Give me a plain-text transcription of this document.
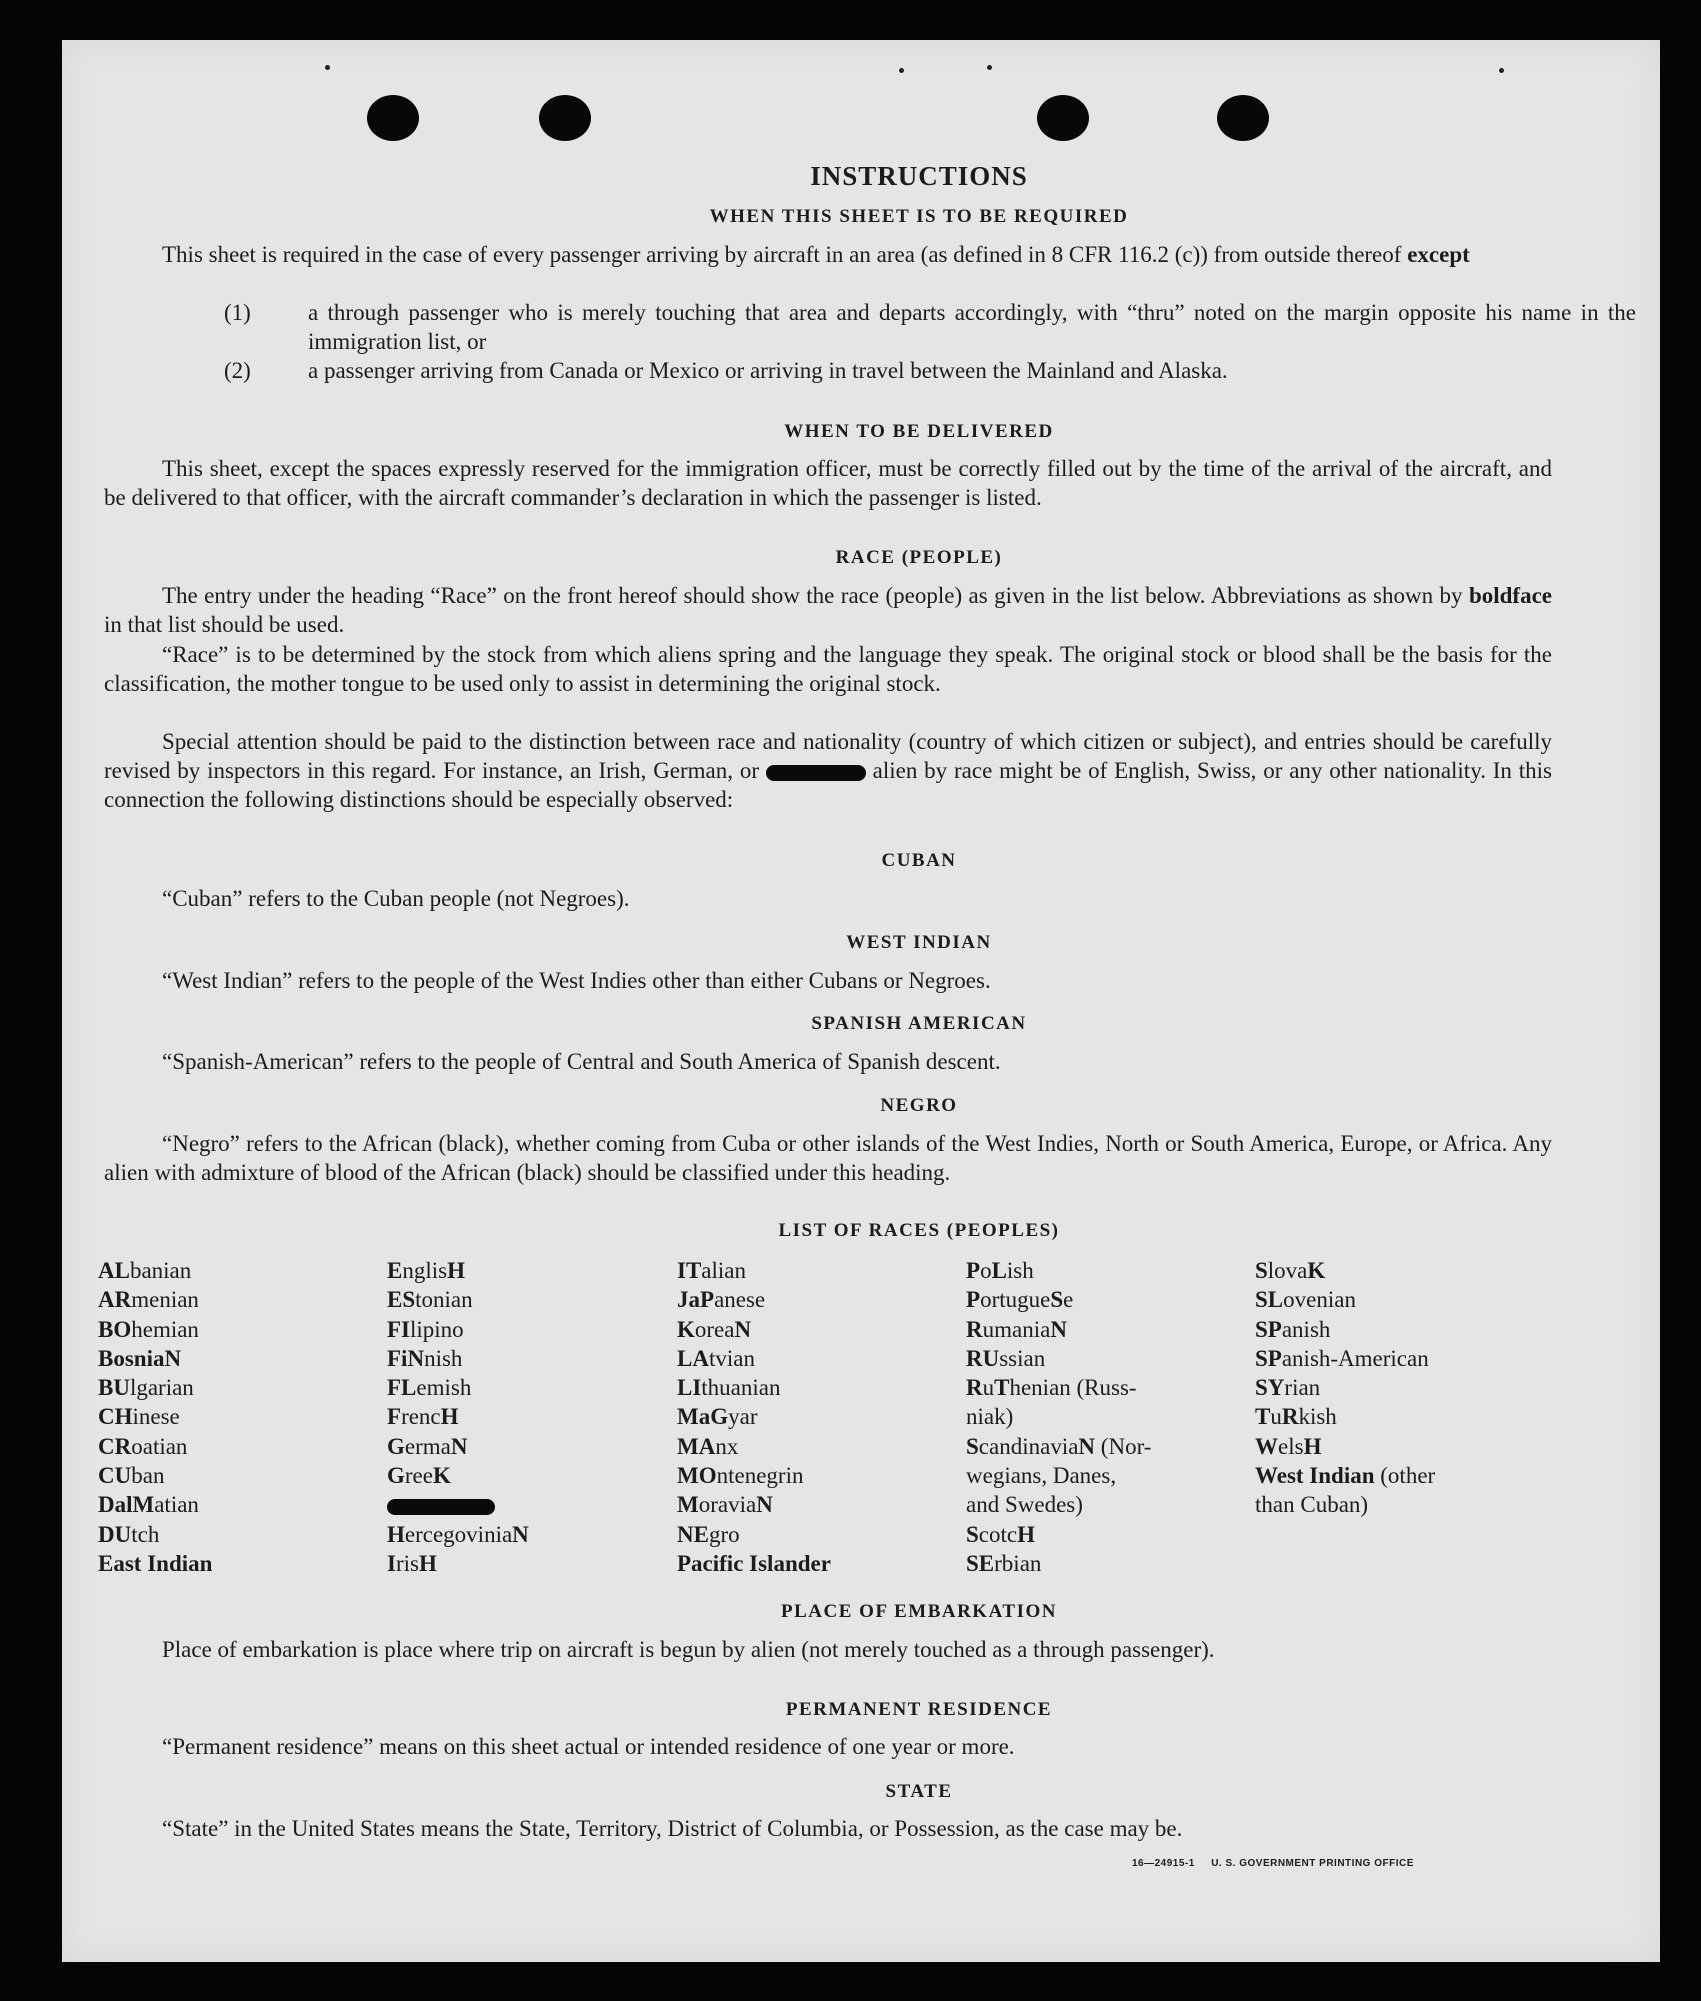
INSTRUCTIONS
WHEN THIS SHEET IS TO BE REQUIRED
This sheet is required in the case of every passenger arriving by aircraft in an area (as defined in 8 CFR 116.2 (c)) from outside thereof except
(1) a through passenger who is merely touching that area and departs accordingly, with “thru” noted on the margin opposite his name in the immigration list, or
(2) a passenger arriving from Canada or Mexico or arriving in travel between the Mainland and Alaska.
WHEN TO BE DELIVERED
This sheet, except the spaces expressly reserved for the immigration officer, must be correctly filled out by the time of the arrival of the aircraft, and be delivered to that officer, with the aircraft commander’s declaration in which the passenger is listed.
RACE (PEOPLE)
The entry under the heading “Race” on the front hereof should show the race (people) as given in the list below. Abbreviations as shown by boldface in that list should be used.
“Race” is to be determined by the stock from which aliens spring and the language they speak. The original stock or blood shall be the basis for the classification, the mother tongue to be used only to assist in determining the original stock.
Special attention should be paid to the distinction between race and nationality (country of which citizen or subject), and entries should be carefully revised by inspectors in this regard. For instance, an Irish, German, or	alien by race might be of English, Swiss, or any other nationality. In this connection the following distinctions should be especially observed:
CUBAN
“Cuban” refers to the Cuban people (not Negroes).
WEST INDIAN
“West Indian” refers to the people of the West Indies other than either Cubans or Negroes.
SPANISH AMERICAN
“Spanish-American” refers to the people of Central and South America of Spanish descent.
NEGRO
“Negro” refers to the African (black), whether coming from Cuba or other islands of the West Indies, North or South America, Europe, or Africa. Any alien with admixture of blood of the African (black) should be classified under this heading.
LIST OF RACES (PEOPLES)
ALbanian
ARmenian
BOhemian
BosniaN
BUlgarian
CHinese
CRoatian
CUban
DalMatian
DUtch
East Indian
EnglisH
EStonian
FIlipino
FiNnish
FLemish
FrencH
GermaN
GreeK
HercegoviniaN
IrisH
ITalian
JaPanese
KoreaN
LAtvian
LIthuanian
MaGyar
MAnx
MOntenegrin
MoraviaN
NEgro
Pacific Islander
PoLish
PortugueSe
RumaniaN
RUssian
RuThenian (Russ-
niak)
ScandinaviaN (Nor-
wegians, Danes,
and Swedes)
ScotcH
SErbian
SlovaK
SLovenian
SPanish
SPanish-American
SYrian
TuRkish
WelsH
West Indian (other
than Cuban)
PLACE OF EMBARKATION
Place of embarkation is place where trip on aircraft is begun by alien (not merely touched as a through passenger).
PERMANENT RESIDENCE
“Permanent residence” means on this sheet actual or intended residence of one year or more.
STATE
“State” in the United States means the State, Territory, District of Columbia, or Possession, as the case may be.
16—24915-1     U. S. GOVERNMENT PRINTING OFFICE
